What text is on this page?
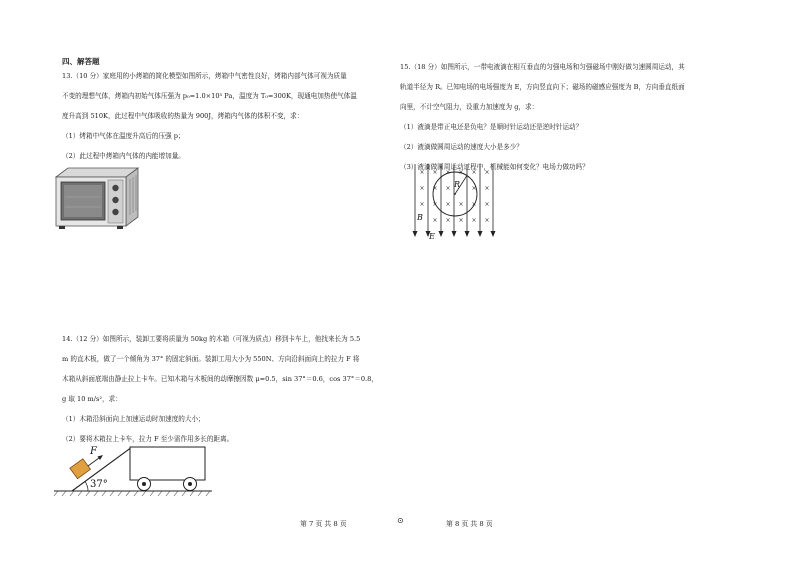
四、解答题
13.（10 分）家庭用的小烤箱的简化模型如图所示，烤箱中气密性良好，烤箱内部气体可视为质量
不变的理想气体，烤箱内初始气体压强为 p₀=1.0×10⁵ Pa，温度为 T₀=300K，现通电加热使气体温
度升高到 510K，此过程中气体吸收的热量为 900J，烤箱内气体的体积不变，求：
（1）烤箱中气体在温度升高后的压强 p；
（2）此过程中烤箱内气体的内能增加量。
14.（12 分）如图所示，装卸工要将质量为 50kg 的木箱（可视为质点）移到卡车上，他找来长为 5.5
m 的直木板，做了一个倾角为 37° 的固定斜面。装卸工用大小为 550N、方向沿斜面向上的拉力 F 将
木箱从斜面底端由静止拉上卡车。已知木箱与木板间的动摩擦因数 μ=0.5，sin 37°＝0.6，cos 37°＝0.8，
g 取 10 m/s²，求：
（1）木箱沿斜面向上加速运动时加速度的大小；
（2）要将木箱拉上卡车，拉力 F 至少需作用多长的距离。
37°
F
15.（18 分）如图所示，一带电液滴在相互垂直的匀强电场和匀强磁场中刚好做匀速圆周运动，其
轨道半径为 R。已知电场的电场强度为 E，方向竖直向下；磁场的磁感应强度为 B，方向垂直纸面
向里，不计空气阻力，设重力加速度为 g，求：
（1）液滴是带正电还是负电？是顺时针运动还是逆时针运动？
（2）液滴做圆周运动的速度大小是多少？
（3）液滴做圆周运动过程中，机械能如何变化？电场力做功吗？
× × × × × ×
× × ×	× ×
× × × × × ×
× × × × ×
R
B
E
第 7 页 共 8 页	⊙	第 8 页 共 8 页
